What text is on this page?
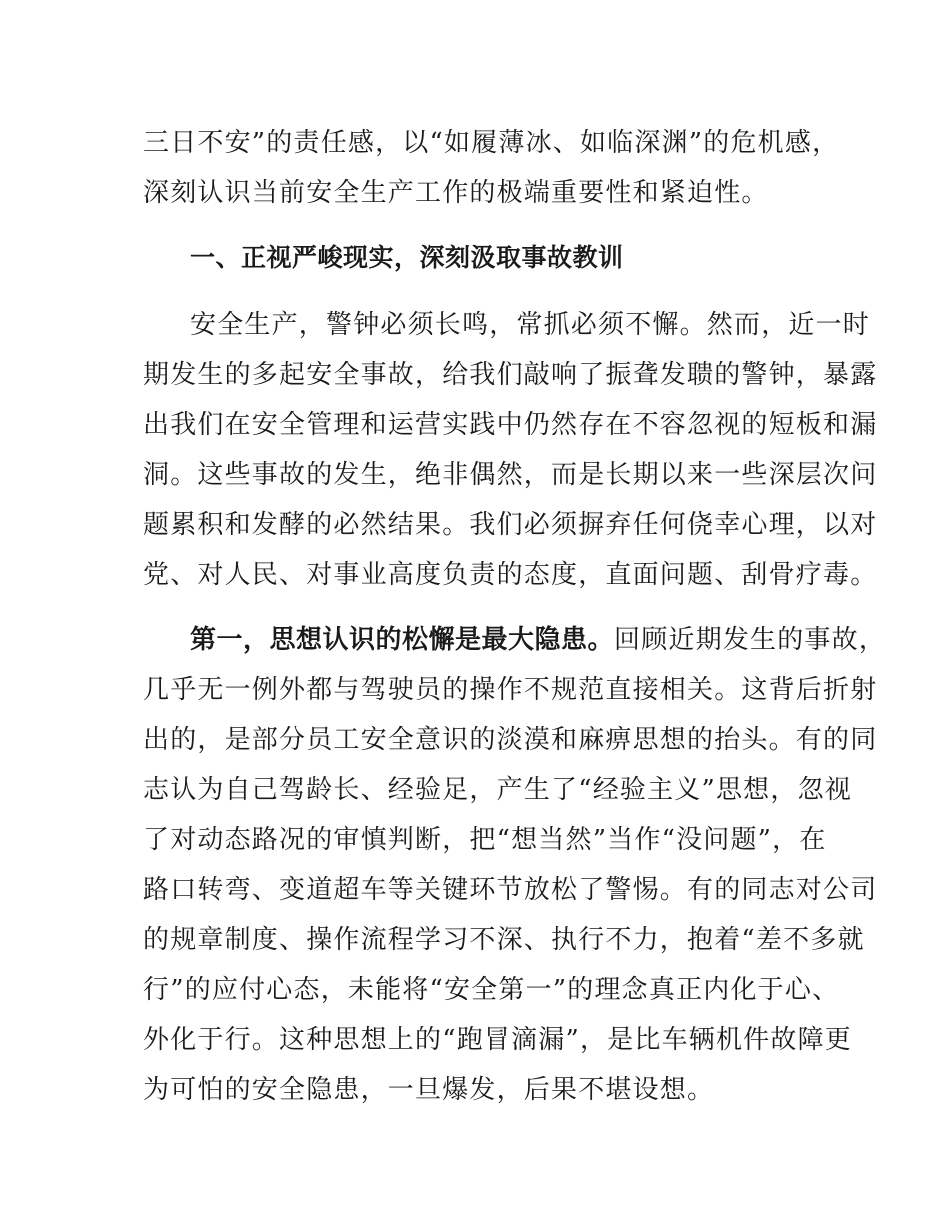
三日不安”的责任感，以“如履薄冰、如临深渊”的危机感，
深刻认识当前安全生产工作的极端重要性和紧迫性。
一、正视严峻现实，深刻汲取事故教训
安全生产，警钟必须长鸣，常抓必须不懈。然而，近一时
期发生的多起安全事故，给我们敲响了振聋发聩的警钟，暴露
出我们在安全管理和运营实践中仍然存在不容忽视的短板和漏
洞。这些事故的发生，绝非偶然，而是长期以来一些深层次问
题累积和发酵的必然结果。我们必须摒弃任何侥幸心理，以对
党、对人民、对事业高度负责的态度，直面问题、刮骨疗毒。
第一，思想认识的松懈是最大隐患。回顾近期发生的事故，
几乎无一例外都与驾驶员的操作不规范直接相关。这背后折射
出的，是部分员工安全意识的淡漠和麻痹思想的抬头。有的同
志认为自己驾龄长、经验足，产生了“经验主义”思想，忽视
了对动态路况的审慎判断，把“想当然”当作“没问题”，在
路口转弯、变道超车等关键环节放松了警惕。有的同志对公司
的规章制度、操作流程学习不深、执行不力，抱着“差不多就
行”的应付心态，未能将“安全第一”的理念真正内化于心、
外化于行。这种思想上的“跑冒滴漏”，是比车辆机件故障更
为可怕的安全隐患，一旦爆发，后果不堪设想。
